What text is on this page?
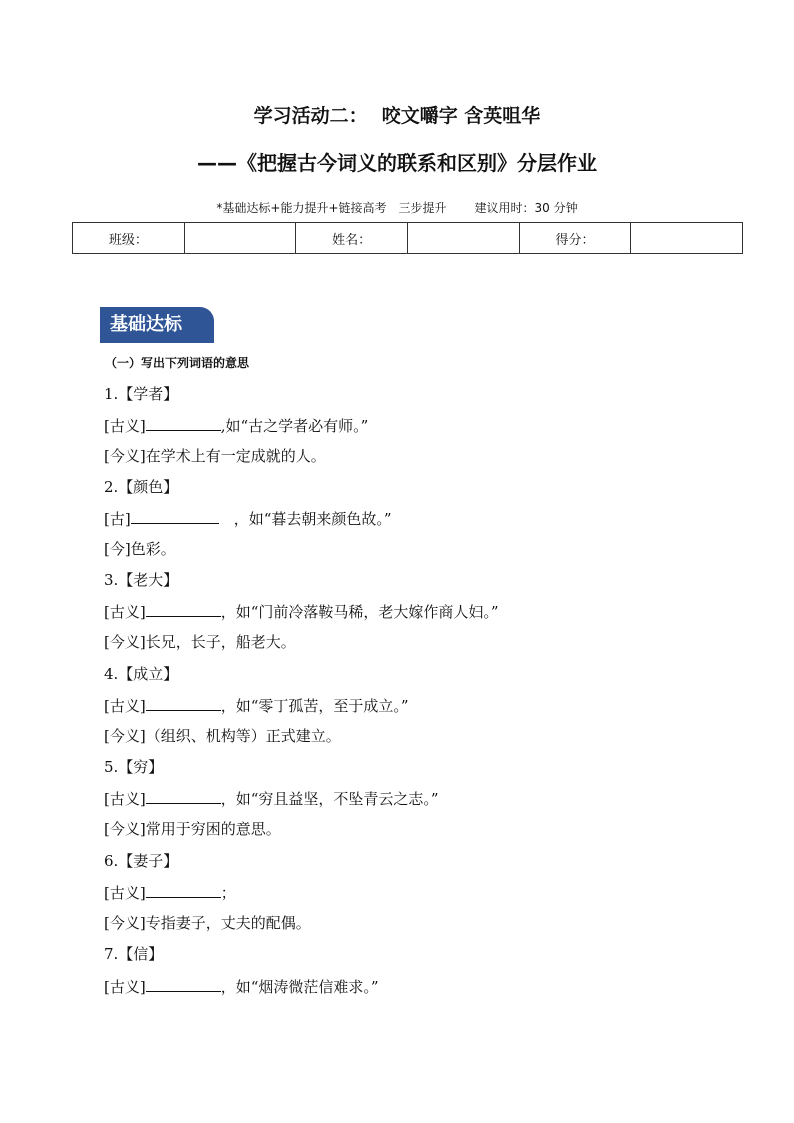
学习活动二： 咬文嚼字 含英咀华
——《把握古今词义的联系和区别》分层作业
*基础达标+能力提升+链接高考　三步提升 建议用时：30 分钟
班级：		姓名：		得分：	
基础达标
（一）写出下列词语的意思
1.【学者】
[古义]	,如“古之学者必有师。”
[今义]在学术上有一定成就的人。
2.【颜色】
[古]	　，如“暮去朝来颜色故。”
[今]色彩。
3.【老大】
[古义]	，如“门前冷落鞍马稀，老大嫁作商人妇。”
[今义]长兄，长子，船老大。
4.【成立】
[古义]	，如“零丁孤苦，至于成立。”
[今义]（组织、机构等）正式建立。
5.【穷】
[古义]	，如“穷且益坚，不坠青云之志。”
[今义]常用于穷困的意思。
6.【妻子】
[古义]	；
[今义]专指妻子，丈夫的配偶。
7.【信】
[古义]	，如“烟涛微茫信难求。”
